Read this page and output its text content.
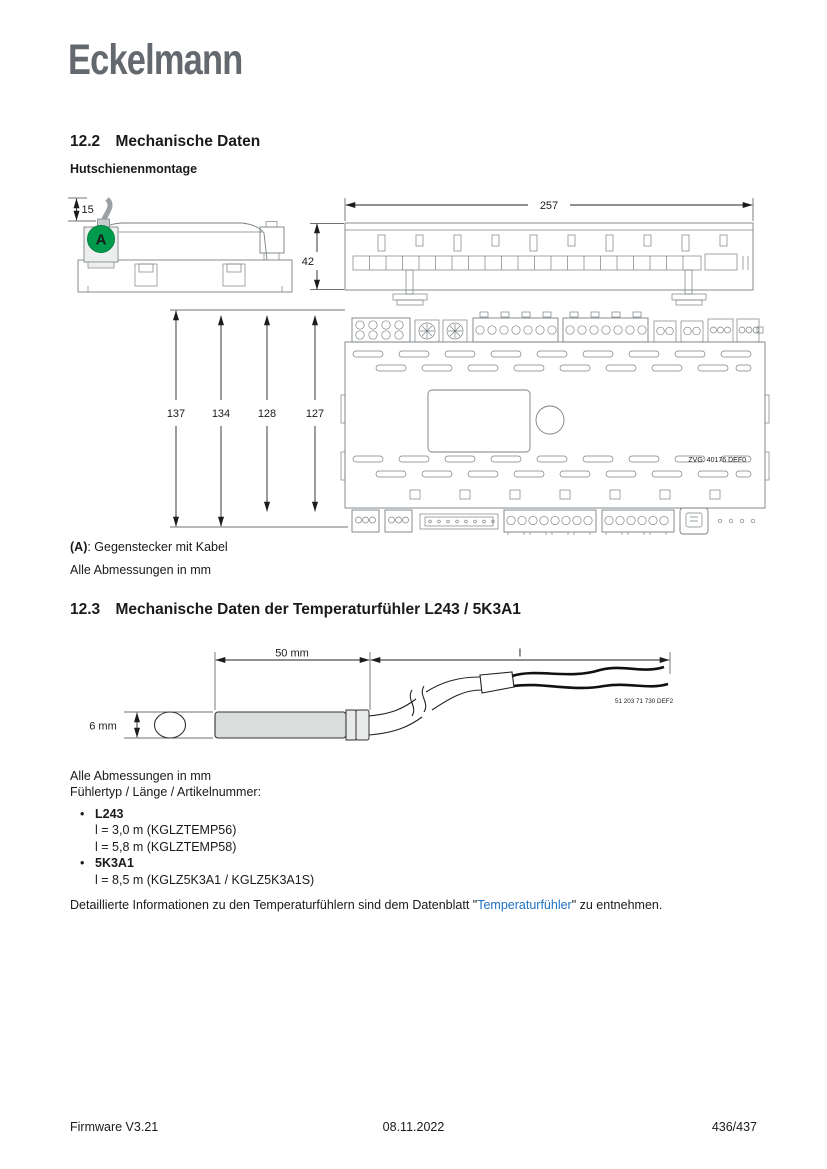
Eckelmann
12.2 Mechanische Daten
Hutschienenmontage
A
15
42
257
ZVG: 40176 DEF0
137 134	128	127
(A): Gegenstecker mit Kabel
Alle Abmessungen in mm
12.3 Mechanische Daten der Temperaturfühler L243 / 5K3A1
50 mm	l
6 mm
51 203 71 730 DEF2
Alle Abmessungen in mm
Fühlertyp / Länge / Artikelnummer:
• L243
l = 3,0 m (KGLZTEMP56)
l = 5,8 m (KGLZTEMP58)
• 5K3A1
l = 8,5 m (KGLZ5K3A1 / KGLZ5K3A1S)
Detaillierte Informationen zu den Temperaturfühlern sind dem Datenblatt "Temperaturfühler" zu entnehmen.
Firmware V3.21	08.11.2022	436/437
